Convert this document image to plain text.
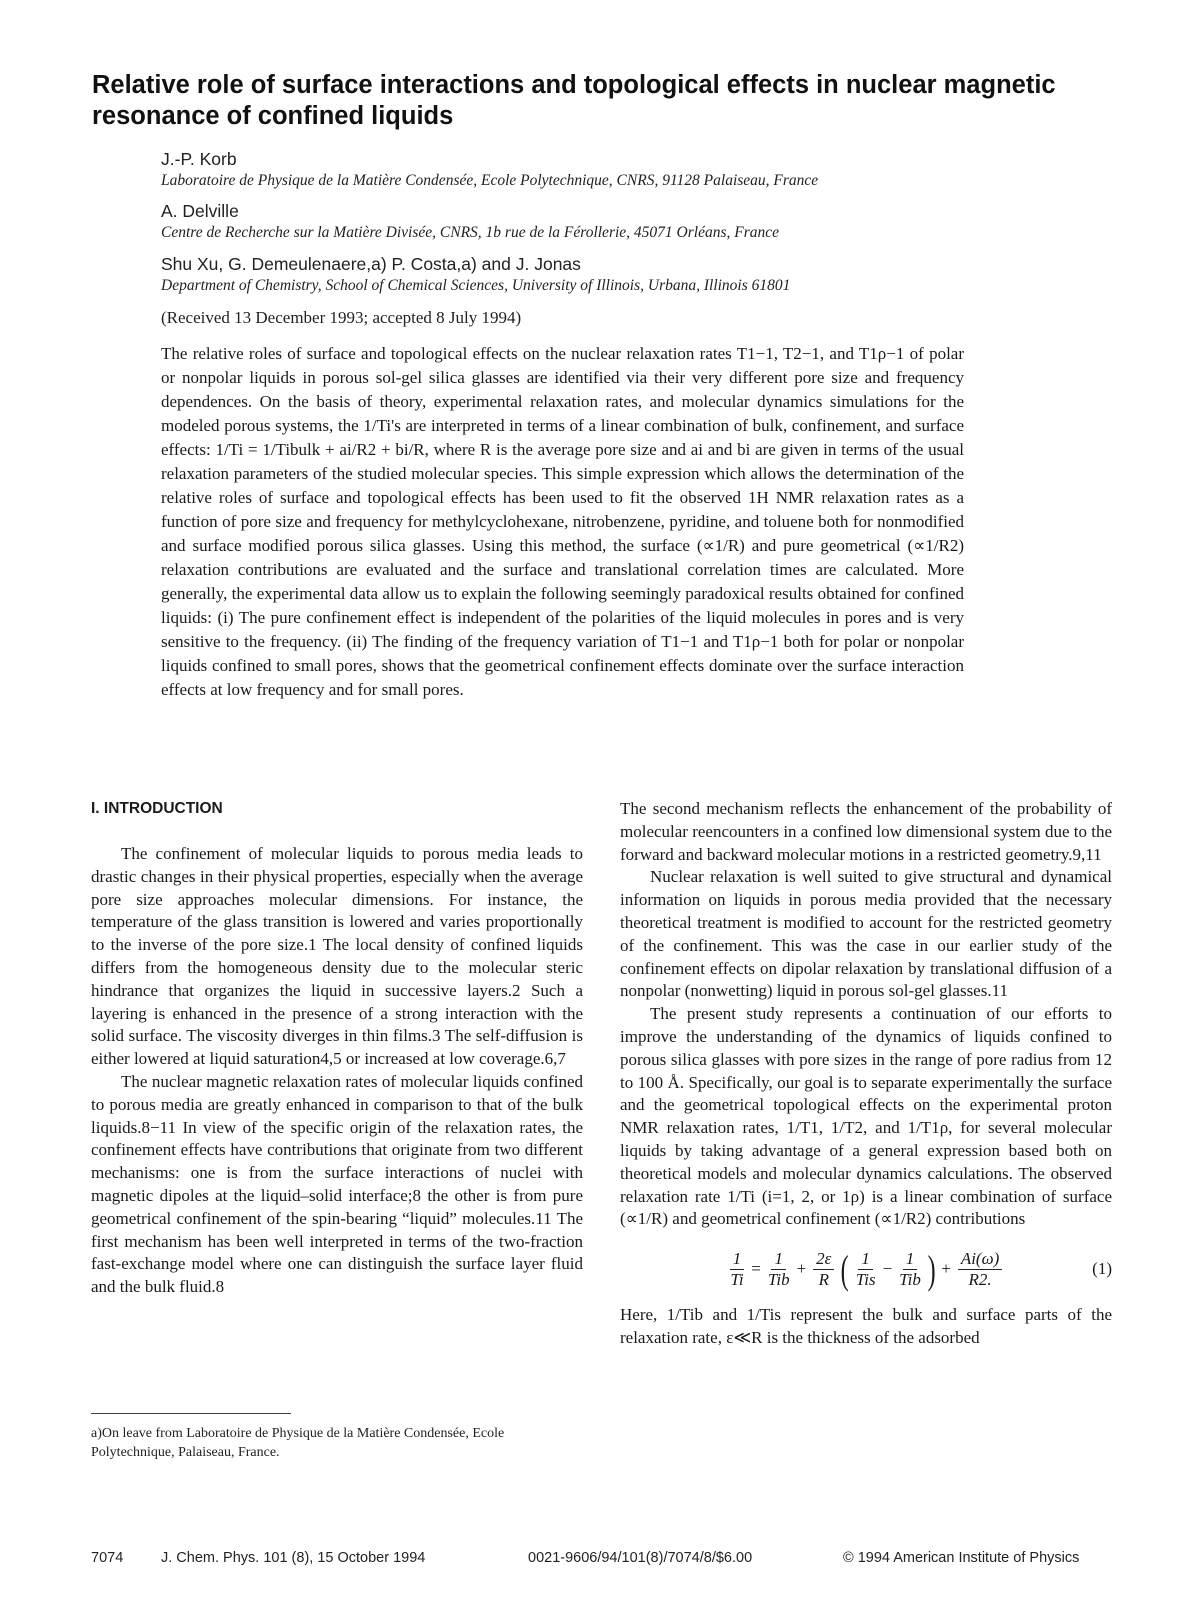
Relative role of surface interactions and topological effects in nuclear magnetic resonance of confined liquids
J.-P. Korb
Laboratoire de Physique de la Matière Condensée, Ecole Polytechnique, CNRS, 91128 Palaiseau, France
A. Delville
Centre de Recherche sur la Matière Divisée, CNRS, 1b rue de la Férollerie, 45071 Orléans, France
Shu Xu, G. Demeulenaere,a) P. Costa,a) and J. Jonas
Department of Chemistry, School of Chemical Sciences, University of Illinois, Urbana, Illinois 61801
(Received 13 December 1993; accepted 8 July 1994)

The relative roles of surface and topological effects on the nuclear relaxation rates T1−1, T2−1, and T1ρ−1 of polar or nonpolar liquids in porous sol-gel silica glasses are identified via their very different pore size and frequency dependences. On the basis of theory, experimental relaxation rates, and molecular dynamics simulations for the modeled porous systems, the 1/Ti's are interpreted in terms of a linear combination of bulk, confinement, and surface effects: 1/Ti = 1/Tibulk + ai/R2 + bi/R, where R is the average pore size and ai and bi are given in terms of the usual relaxation parameters of the studied molecular species. This simple expression which allows the determination of the relative roles of surface and topological effects has been used to fit the observed 1H NMR relaxation rates as a function of pore size and frequency for methylcyclohexane, nitrobenzene, pyridine, and toluene both for nonmodified and surface modified porous silica glasses. Using this method, the surface (∝1/R) and pure geometrical (∝1/R2) relaxation contributions are evaluated and the surface and translational correlation times are calculated. More generally, the experimental data allow us to explain the following seemingly paradoxical results obtained for confined liquids: (i) The pure confinement effect is independent of the polarities of the liquid molecules in pores and is very sensitive to the frequency. (ii) The finding of the frequency variation of T1−1 and T1ρ−1 both for polar or nonpolar liquids confined to small pores, shows that the geometrical confinement effects dominate over the surface interaction effects at low frequency and for small pores.

I. INTRODUCTION

The confinement of molecular liquids to porous media leads to drastic changes in their physical properties, especially when the average pore size approaches molecular dimensions. For instance, the temperature of the glass transition is lowered and varies proportionally to the inverse of the pore size.1 The local density of confined liquids differs from the homogeneous density due to the molecular steric hindrance that organizes the liquid in successive layers.2 Such a layering is enhanced in the presence of a strong interaction with the solid surface. The viscosity diverges in thin films.3 The self-diffusion is either lowered at liquid saturation4,5 or increased at low coverage.6,7

The nuclear magnetic relaxation rates of molecular liquids confined to porous media are greatly enhanced in comparison to that of the bulk liquids.8−11 In view of the specific origin of the relaxation rates, the confinement effects have contributions that originate from two different mechanisms: one is from the surface interactions of nuclei with magnetic dipoles at the liquid–solid interface;8 the other is from pure geometrical confinement of the spin-bearing “liquid” molecules.11 The first mechanism has been well interpreted in terms of the two-fraction fast-exchange model where one can distinguish the surface layer fluid and the bulk fluid.8

The second mechanism reflects the enhancement of the probability of molecular reencounters in a confined low dimensional system due to the forward and backward molecular motions in a restricted geometry.9,11

Nuclear relaxation is well suited to give structural and dynamical information on liquids in porous media provided that the necessary theoretical treatment is modified to account for the restricted geometry of the confinement. This was the case in our earlier study of the confinement effects on dipolar relaxation by translational diffusion of a nonpolar (nonwetting) liquid in porous sol-gel glasses.11

The present study represents a continuation of our efforts to improve the understanding of the dynamics of liquids confined to porous silica glasses with pore sizes in the range of pore radius from 12 to 100 Å. Specifically, our goal is to separate experimentally the surface and the geometrical topological effects on the experimental proton NMR relaxation rates, 1/T1, 1/T2, and 1/T1ρ, for several molecular liquids by taking advantage of a general expression based both on theoretical models and molecular dynamics calculations. The observed relaxation rate 1/Ti (i=1, 2, or 1ρ) is a linear combination of surface (∝1/R) and geometrical confinement (∝1/R2) contributions

$\frac{1}{Ti} = \frac{1}{\text{Tib}} + \frac{2\varepsilon}{R}$ ( $\frac{1}{\text{Tis}} - \frac{1}{\text{Tib}}$ ) + $\frac{Ai(\omega)}{R2.}$	(1)

Here, 1/Tib and 1/Tis represent the bulk and surface parts of the relaxation rate, ε≪R is the thickness of the adsorbed

a)On leave from Laboratoire de Physique de la Matière Condensée, Ecole Polytechnique, Palaiseau, France.
7074	J. Chem. Phys. 101 (8), 15 October 1994	0021-9606/94/101(8)/7074/8/$6.00	© 1994 American Institute of Physics
